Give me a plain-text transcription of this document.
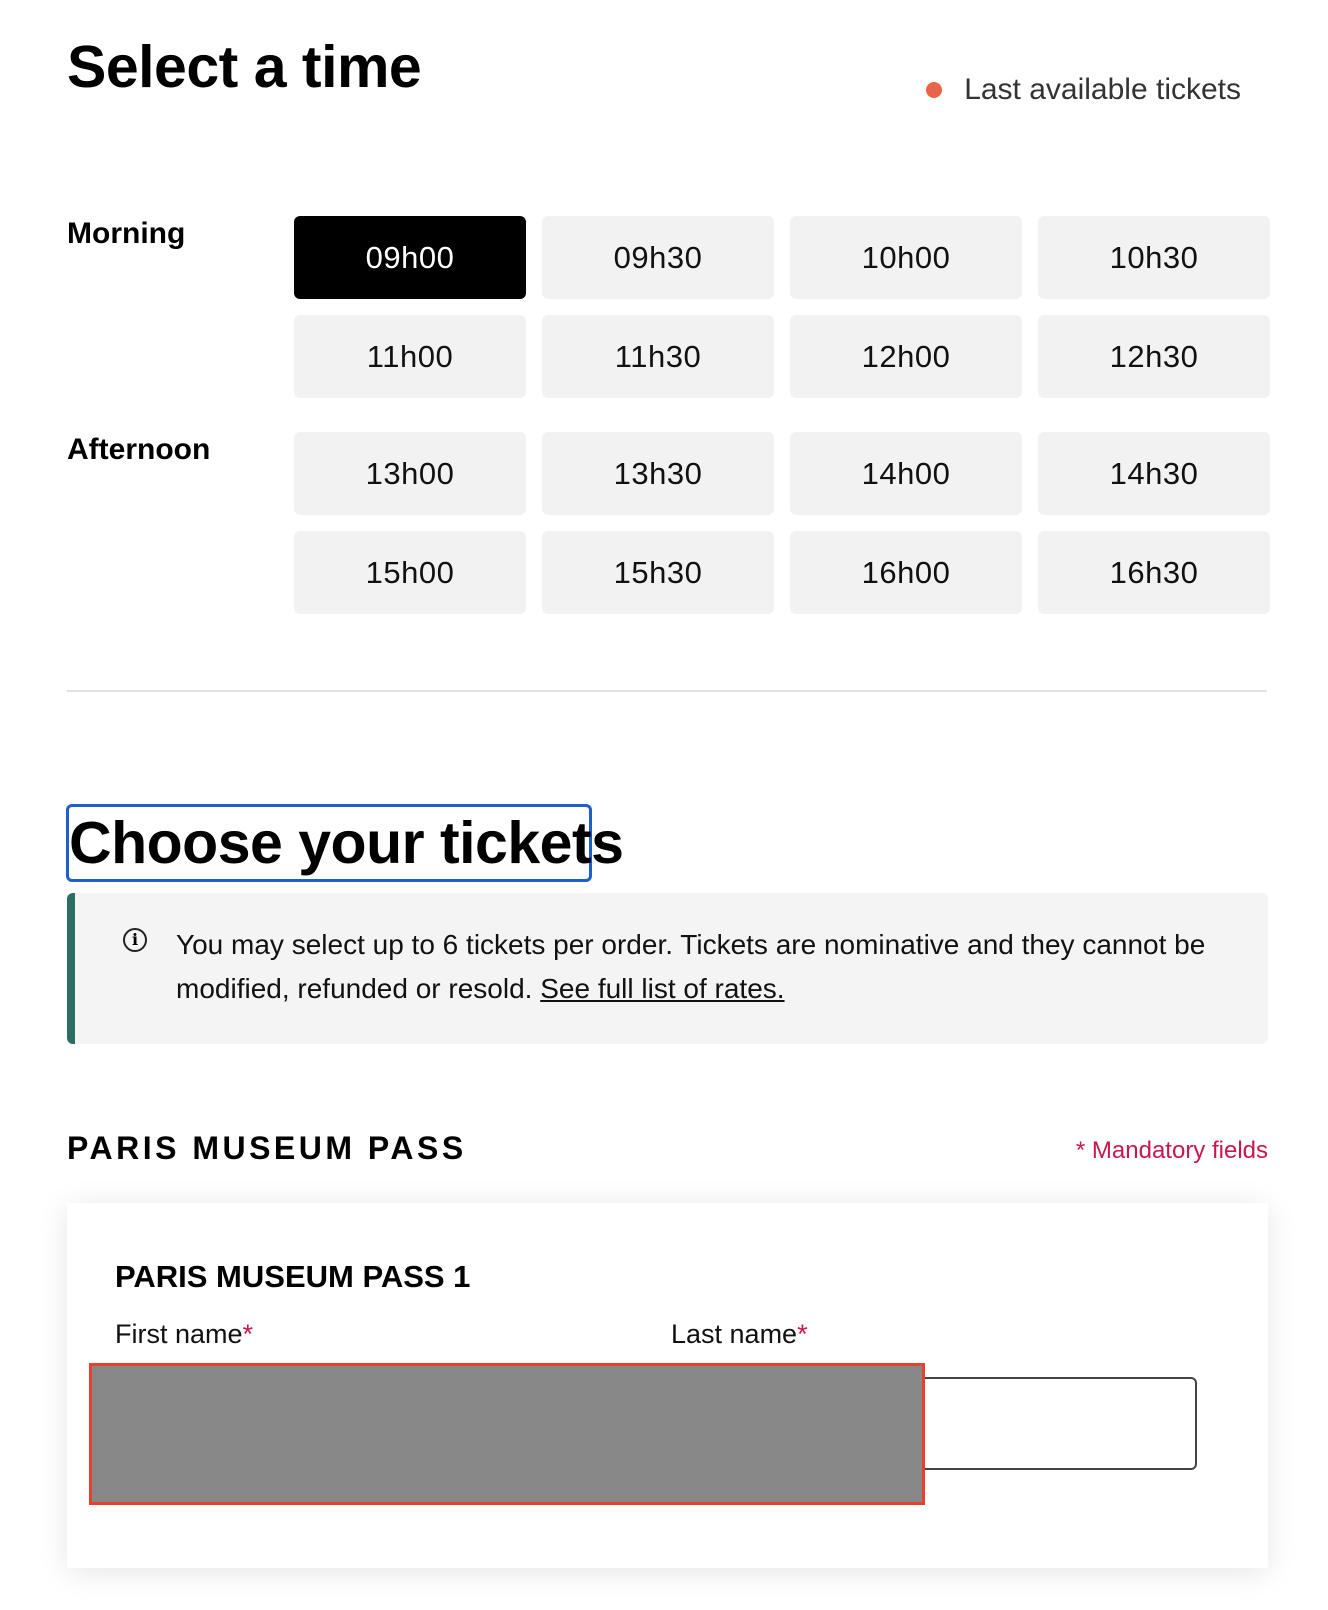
Select a time	Last available tickets
Morning
09h00	09h30	10h00	10h30
11h00	11h30	12h00	12h30
Afternoon
13h00	13h30	14h00	14h30
15h00	15h30	16h00	16h30
Choose your tickets
i	You may select up to 6 tickets per order. Tickets are nominative and they cannot be modified, refunded or resold. See full list of rates.
PARIS MUSEUM PASS	* Mandatory fields
PARIS MUSEUM PASS 1
First name*	Last name*
